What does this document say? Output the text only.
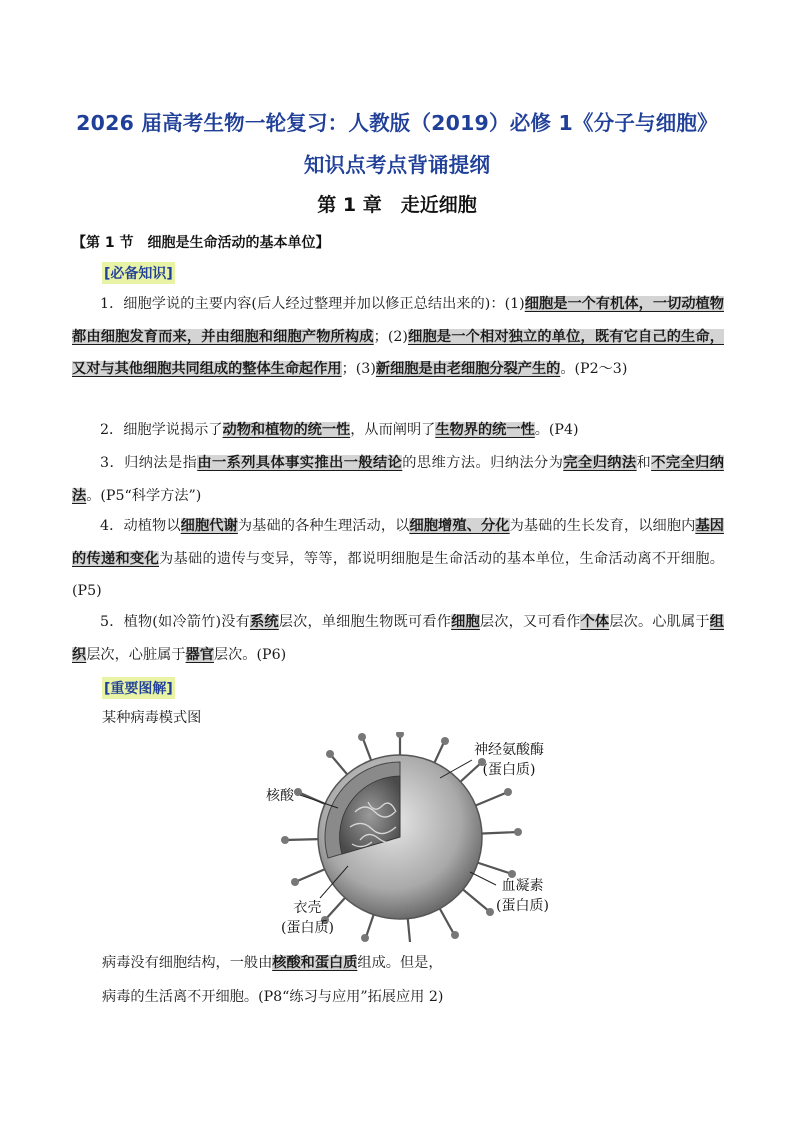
2026 届高考生物一轮复习：人教版（2019）必修 1《分子与细胞》
知识点考点背诵提纲
第 1 章　走近细胞
【第 1 节　细胞是生命活动的基本单位】
[必备知识]
1．细胞学说的主要内容(后人经过整理并加以修正总结出来的)：(1)细胞是一个有机体，一切动植物都由细胞发育而来，并由细胞和细胞产物所构成；(2)细胞是一个相对独立的单位，既有它自己的生命，又对与其他细胞共同组成的整体生命起作用；(3)新细胞是由老细胞分裂产生的。(P2～3)
2．细胞学说揭示了动物和植物的统一性，从而阐明了生物界的统一性。(P4)
3．归纳法是指由一系列具体事实推出一般结论的思维方法。归纳法分为完全归纳法和不完全归纳法。(P5“科学方法”)
4．动植物以细胞代谢为基础的各种生理活动，以细胞增殖、分化为基础的生长发育，以细胞内基因的传递和变化为基础的遗传与变异，等等，都说明细胞是生命活动的基本单位，生命活动离不开细胞。(P5)
5．植物(如冷箭竹)没有系统层次，单细胞生物既可看作细胞层次，又可看作个体层次。心肌属于组织层次，心脏属于器官层次。(P6)
[重要图解]
某种病毒模式图
神经氨酸酶
(蛋白质)
核酸
血凝素
(蛋白质)
衣壳
(蛋白质)
病毒没有细胞结构，一般由核酸和蛋白质组成。但是，
病毒的生活离不开细胞。(P8“练习与应用”拓展应用 2)
